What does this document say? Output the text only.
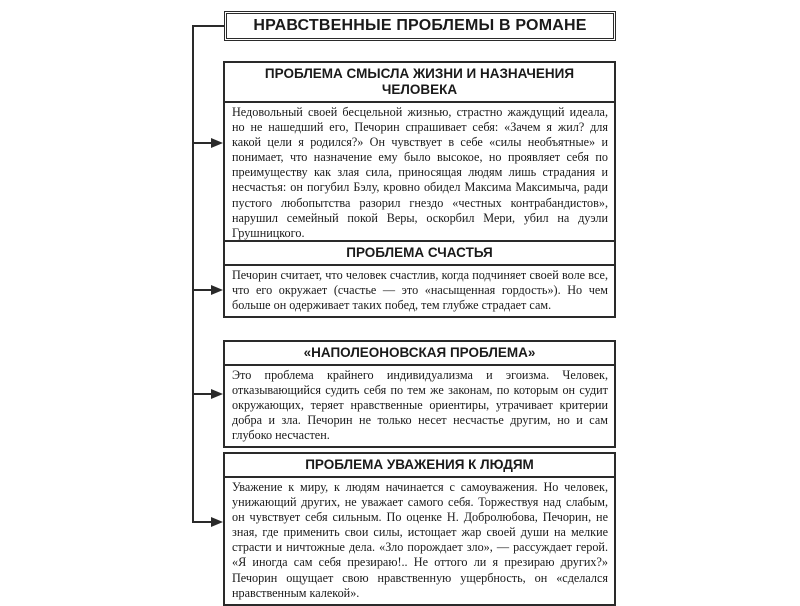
НРАВСТВЕННЫЕ ПРОБЛЕМЫ В РОМАНЕ
ПРОБЛЕМА СМЫСЛА ЖИЗНИ И НАЗНАЧЕНИЯ ЧЕЛОВЕКА
Недовольный своей бесцельной жизнью, страстно жаждущий идеала, но не нашедший его, Печорин спрашивает себя: «Зачем я жил? для какой цели я родился?» Он чувствует в себе «силы необъятные» и понимает, что назначение ему было высокое, но проявляет себя по преимуществу как злая сила, приносящая людям лишь страдания и несчастья: он погубил Бэлу, кровно обидел Максима Максимыча, ради пустого любопытства разорил гнездо «честных контрабандистов», нарушил семейный покой Веры, оскорбил Мери, убил на дуэли Грушницкого.
ПРОБЛЕМА СЧАСТЬЯ
Печорин считает, что человек счастлив, когда подчиняет своей воле все, что его окружает (счастье — это «насыщенная гордость»). Но чем больше он одерживает таких побед, тем глубже страдает сам.
«НАПОЛЕОНОВСКАЯ ПРОБЛЕМА»
Это проблема крайнего индивидуализма и эгоизма. Человек, отказывающийся судить себя по тем же законам, по которым он судит окружающих, теряет нравственные ориентиры, утрачивает критерии добра и зла. Печорин не только несет несчастье другим, но и сам глубоко несчастен.
ПРОБЛЕМА УВАЖЕНИЯ К ЛЮДЯМ
Уважение к миру, к людям начинается с самоуважения. Но человек, унижающий других, не уважает самого себя. Торжествуя над слабым, он чувствует себя сильным. По оценке Н. Добролюбова, Печорин, не зная, где применить свои силы, истощает жар своей души на мелкие страсти и ничтожные дела. «Зло порождает зло», — рассуждает герой. «Я иногда сам себя презираю!.. Не оттого ли я презираю других?» Печорин ощущает свою нравственную ущербность, он «сделался нравственным калекой».
